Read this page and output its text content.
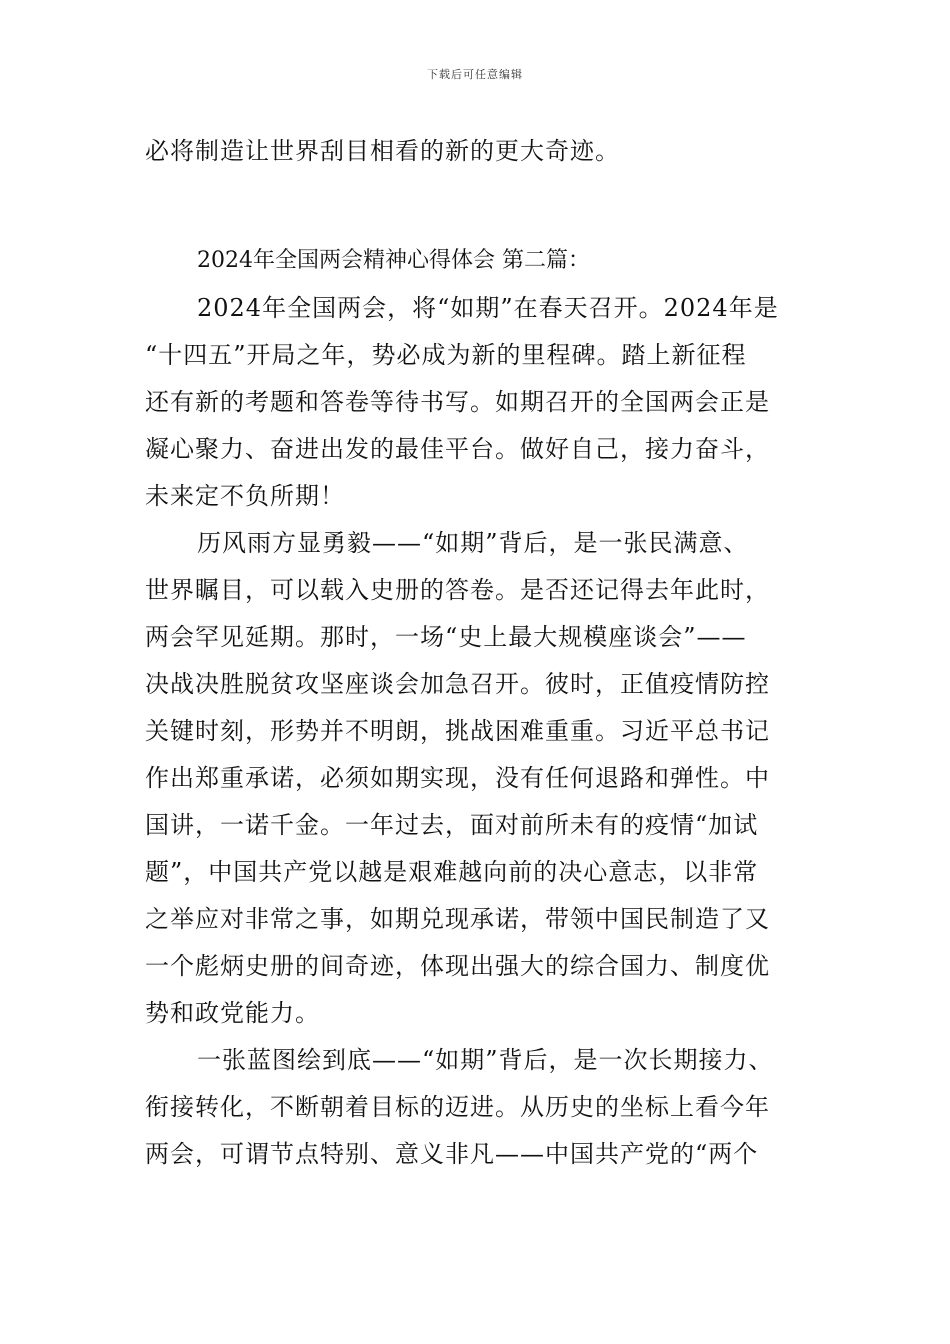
下载后可任意编辑
必将制造让世界刮目相看的新的更大奇迹。
2024年全国两会精神心得体会 第二篇：
2024年全国两会，将“如期”在春天召开。2024年是
“十四五”开局之年，势必成为新的里程碑。踏上新征程
还有新的考题和答卷等待书写。如期召开的全国两会正是
凝心聚力、奋进出发的最佳平台。做好自己，接力奋斗，
未来定不负所期！
历风雨方显勇毅——“如期”背后，是一张民满意、
世界瞩目，可以载入史册的答卷。是否还记得去年此时，
两会罕见延期。那时，一场“史上最大规模座谈会”——
决战决胜脱贫攻坚座谈会加急召开。彼时，正值疫情防控
关键时刻，形势并不明朗，挑战困难重重。习近平总书记
作出郑重承诺，必须如期实现，没有任何退路和弹性。中
国讲，一诺千金。一年过去，面对前所未有的疫情“加试
题”，中国共产党以越是艰难越向前的决心意志，以非常
之举应对非常之事，如期兑现承诺，带领中国民制造了又
一个彪炳史册的间奇迹，体现出强大的综合国力、制度优
势和政党能力。
一张蓝图绘到底——“如期”背后，是一次长期接力、
衔接转化，不断朝着目标的迈进。从历史的坐标上看今年
两会，可谓节点特别、意义非凡——中国共产党的“两个
